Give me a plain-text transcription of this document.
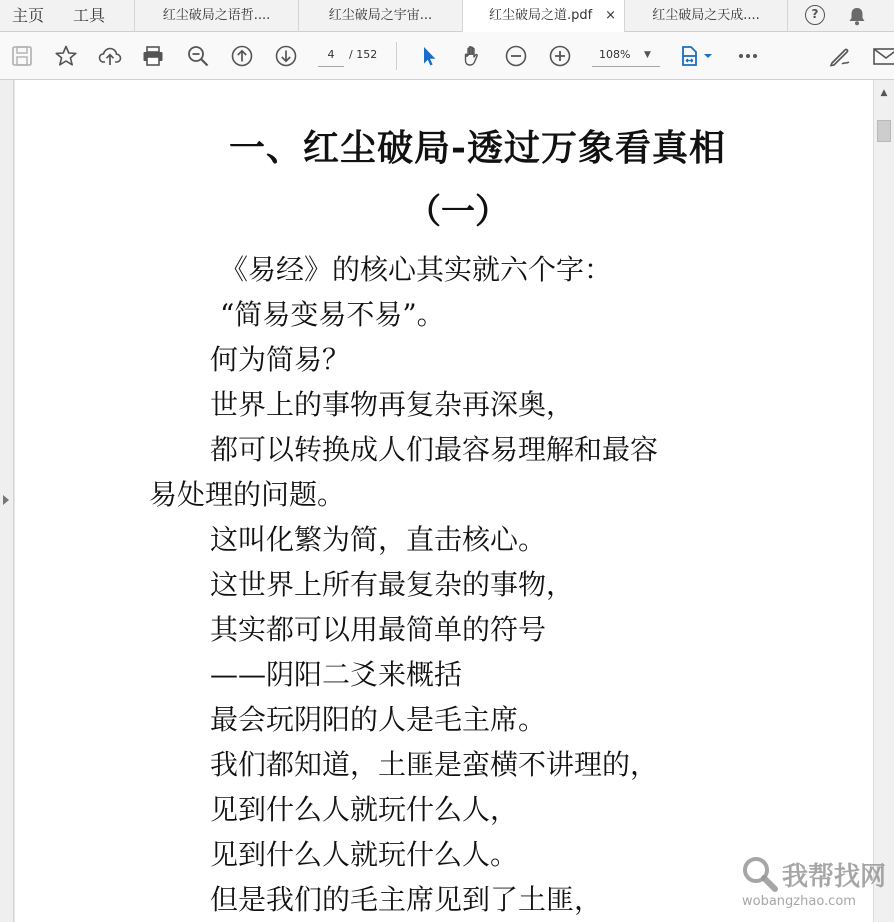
主页 工具	红尘破局之语哲....	红尘破局之宇宙...	红尘破局之道.pdf ×	红尘破局之天成....	?
4	/ 152	108% ▼
一、红尘破局-透过万象看真相
（一）
《易经》的核心其实就六个字：
“简易变易不易”。
何为简易？
世界上的事物再复杂再深奥，
都可以转换成人们最容易理解和最容
易处理的问题。
这叫化繁为简，直击核心。
这世界上所有最复杂的事物，
其实都可以用最简单的符号
——阴阳二爻来概括
最会玩阴阳的人是毛主席。
我们都知道，土匪是蛮横不讲理的，
见到什么人就玩什么人，
见到什么人就玩什么人。
但是我们的毛主席见到了土匪，
▲
我帮找网
wobangzhao.com
